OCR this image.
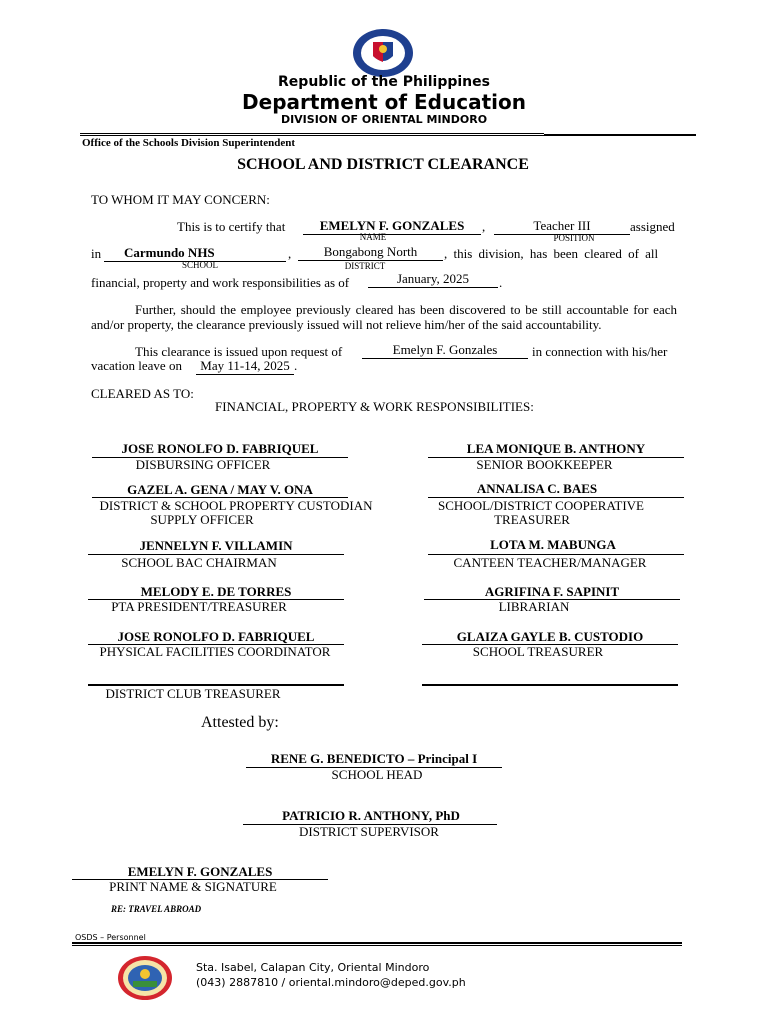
Republic of the Philippines
Department of Education
DIVISION OF ORIENTAL MINDORO
Office of the Schools Division Superintendent
SCHOOL AND DISTRICT CLEARANCE
TO WHOM IT MAY CONCERN:
This is to certify that	EMELYN F. GONZALES
NAME
,	Teacher III
POSITION
assigned
in	Carmundo NHS
SCHOOL
,	Bongabong North
DISTRICT
, this division, has been cleared of all
financial, property and work responsibilities as of	January, 2025	.
Further, should the employee previously cleared has been discovered to be still accountable for each and/or property, the clearance previously issued will not relieve him/her of the said accountability.
This clearance is issued upon request of	Emelyn F. Gonzales	in connection with his/her
vacation leave on	May 11-14, 2025 .
CLEARED AS TO:
FINANCIAL, PROPERTY & WORK RESPONSIBILITIES:
JOSE RONOLFO D. FABRIQUEL
DISBURSING OFFICER
LEA MONIQUE B. ANTHONY
SENIOR BOOKKEEPER
GAZEL A. GENA / MAY V. ONA
DISTRICT & SCHOOL PROPERTY CUSTODIAN
SUPPLY OFFICER
ANNALISA C. BAES
SCHOOL/DISTRICT COOPERATIVE
TREASURER
JENNELYN F. VILLAMIN
SCHOOL BAC CHAIRMAN
LOTA M. MABUNGA
CANTEEN TEACHER/MANAGER
MELODY E. DE TORRES
PTA PRESIDENT/TREASURER
AGRIFINA F. SAPINIT
LIBRARIAN
JOSE RONOLFO D. FABRIQUEL
PHYSICAL FACILITIES COORDINATOR
GLAIZA GAYLE B. CUSTODIO
SCHOOL TREASURER
DISTRICT CLUB TREASURER
Attested by:
RENE G. BENEDICTO – Principal I
SCHOOL HEAD
PATRICIO R. ANTHONY, PhD
DISTRICT SUPERVISOR
EMELYN F. GONZALES
PRINT NAME & SIGNATURE
RE: TRAVEL ABROAD
OSDS – Personnel
Sta. Isabel, Calapan City, Oriental Mindoro
(043) 2887810 / oriental.mindoro@deped.gov.ph
